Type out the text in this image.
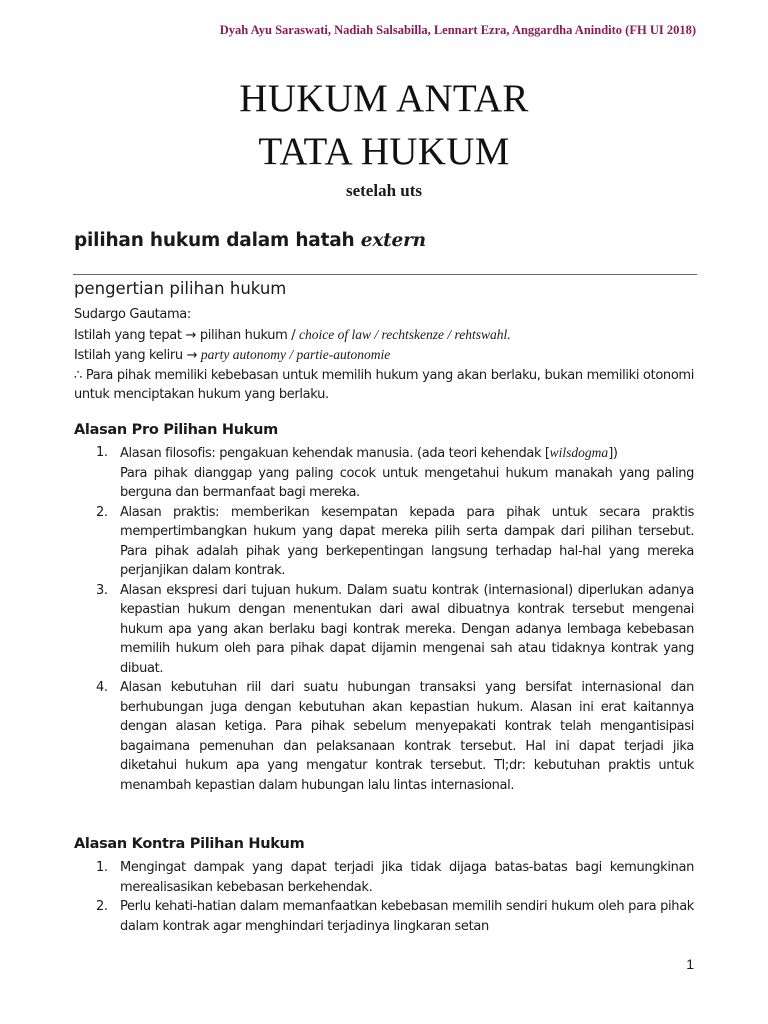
Dyah Ayu Saraswati, Nadiah Salsabilla, Lennart Ezra, Anggardha Anindito (FH UI 2018)
HUKUM ANTAR
TATA HUKUM
setelah uts
pilihan hukum dalam hatah extern
pengertian pilihan hukum
Sudargo Gautama:
Istilah yang tepat → pilihan hukum / choice of law / rechtskenze / rehtswahl.
Istilah yang keliru → party autonomy / partie-autonomie
∴ Para pihak memiliki kebebasan untuk memilih hukum yang akan berlaku, bukan memiliki otonomi untuk menciptakan hukum yang berlaku.
Alasan Pro Pilihan Hukum
1. Alasan filosofis: pengakuan kehendak manusia. (ada teori kehendak [wilsdogma])
Para pihak dianggap yang paling cocok untuk mengetahui hukum manakah yang paling berguna dan bermanfaat bagi mereka.
2. Alasan praktis: memberikan kesempatan kepada para pihak untuk secara praktis mempertimbangkan hukum yang dapat mereka pilih serta dampak dari pilihan tersebut. Para pihak adalah pihak yang berkepentingan langsung terhadap hal-hal yang mereka perjanjikan dalam kontrak.
3. Alasan ekspresi dari tujuan hukum. Dalam suatu kontrak (internasional) diperlukan adanya kepastian hukum dengan menentukan dari awal dibuatnya kontrak tersebut mengenai hukum apa yang akan berlaku bagi kontrak mereka. Dengan adanya lembaga kebebasan memilih hukum oleh para pihak dapat dijamin mengenai sah atau tidaknya kontrak yang dibuat.
4. Alasan kebutuhan riil dari suatu hubungan transaksi yang bersifat internasional dan berhubungan juga dengan kebutuhan akan kepastian hukum. Alasan ini erat kaitannya dengan alasan ketiga. Para pihak sebelum menyepakati kontrak telah mengantisipasi bagaimana pemenuhan dan pelaksanaan kontrak tersebut. Hal ini dapat terjadi jika diketahui hukum apa yang mengatur kontrak tersebut. Tl;dr: kebutuhan praktis untuk menambah kepastian dalam hubungan lalu lintas internasional.
Alasan Kontra Pilihan Hukum
1. Mengingat dampak yang dapat terjadi jika tidak dijaga batas-batas bagi kemungkinan merealisasikan kebebasan berkehendak.
2. Perlu kehati-hatian dalam memanfaatkan kebebasan memilih sendiri hukum oleh para pihak dalam kontrak agar menghindari terjadinya lingkaran setan
1
